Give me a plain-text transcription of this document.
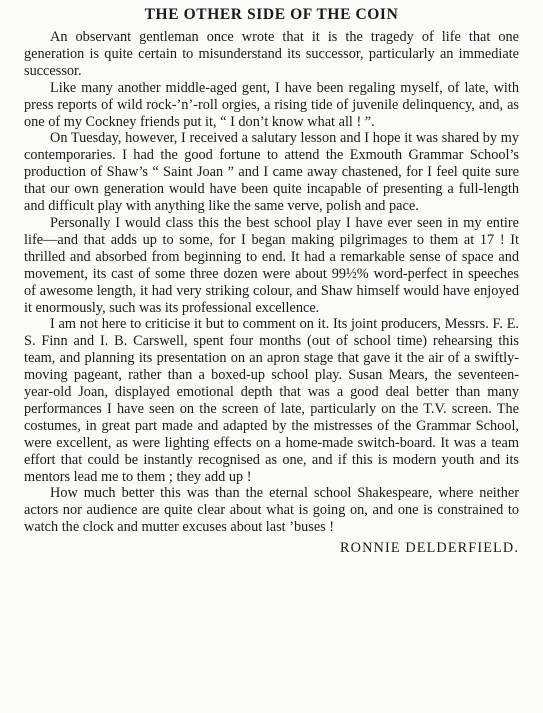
THE OTHER SIDE OF THE COIN

An observant gentleman once wrote that it is the tragedy of life that one generation is quite certain to misunderstand its successor, particularly an immediate successor.

Like many another middle-aged gent, I have been regaling myself, of late, with press reports of wild rock-’n’-roll orgies, a rising tide of juvenile delinquency, and, as one of my Cockney friends put it, “ I don’t know what all ! ”.

On Tuesday, however, I received a salutary lesson and I hope it was shared by my contemporaries. I had the good fortune to attend the Exmouth Grammar School’s production of Shaw’s “ Saint Joan ” and I came away chastened, for I feel quite sure that our own generation would have been quite incapable of presenting a full-length and difficult play with anything like the same verve, polish and pace.

Personally I would class this the best school play I have ever seen in my entire life—and that adds up to some, for I began making pilgrimages to them at 17 ! It thrilled and absorbed from beginning to end. It had a remarkable sense of space and movement, its cast of some three dozen were about 99½% word-perfect in speeches of awesome length, it had very striking colour, and Shaw himself would have enjoyed it enormously, such was its professional excellence.

I am not here to criticise it but to comment on it. Its joint producers, Messrs. F. E. S. Finn and I. B. Carswell, spent four months (out of school time) rehearsing this team, and planning its presentation on an apron stage that gave it the air of a swiftly-moving pageant, rather than a boxed-up school play. Susan Mears, the seventeen-year-old Joan, displayed emotional depth that was a good deal better than many performances I have seen on the screen of late, particularly on the T.V. screen. The costumes, in great part made and adapted by the mistresses of the Grammar School, were excellent, as were lighting effects on a home-made switch-board. It was a team effort that could be instantly recognised as one, and if this is modern youth and its mentors lead me to them ; they add up !

How much better this was than the eternal school Shakespeare, where neither actors nor audience are quite clear about what is going on, and one is constrained to watch the clock and mutter excuses about last ’buses !

RONNIE DELDERFIELD.
